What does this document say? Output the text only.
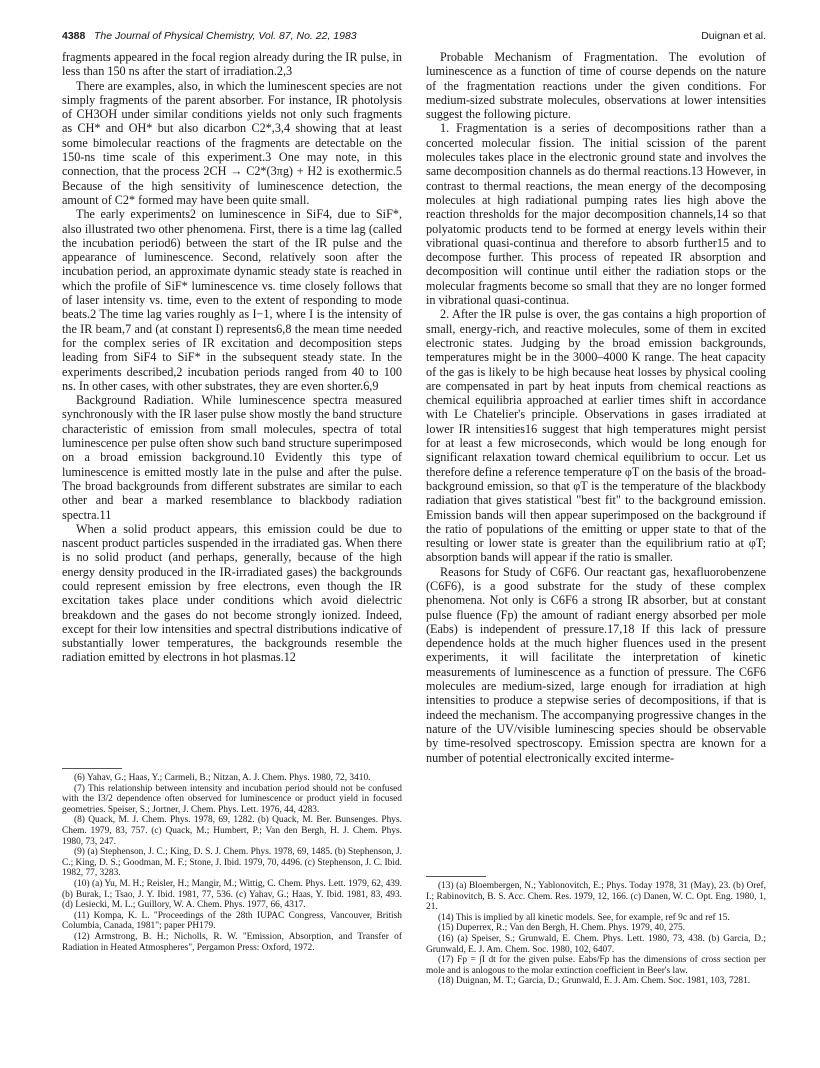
4388 The Journal of Physical Chemistry, Vol. 87, No. 22, 1983	Duignan et al.

fragments appeared in the focal region already during the IR pulse, in less than 150 ns after the start of irradiation.2,3

There are examples, also, in which the luminescent species are not simply fragments of the parent absorber. For instance, IR photolysis of CH3OH under similar conditions yields not only such fragments as CH* and OH* but also dicarbon C2*,3,4 showing that at least some bimolecular reactions of the fragments are detectable on the 150-ns time scale of this experiment.3 One may note, in this connection, that the process 2CH → C2*(3πg) + H2 is exothermic.5 Because of the high sensitivity of luminescence detection, the amount of C2* formed may have been quite small.

The early experiments2 on luminescence in SiF4, due to SiF*, also illustrated two other phenomena. First, there is a time lag (called the incubation period6) between the start of the IR pulse and the appearance of luminescence. Second, relatively soon after the incubation period, an approximate dynamic steady state is reached in which the profile of SiF* luminescence vs. time closely follows that of laser intensity vs. time, even to the extent of responding to mode beats.2 The time lag varies roughly as I−1, where I is the intensity of the IR beam,7 and (at constant I) represents6,8 the mean time needed for the complex series of IR excitation and decomposition steps leading from SiF4 to SiF* in the subsequent steady state. In the experiments described,2 incubation periods ranged from 40 to 100 ns. In other cases, with other substrates, they are even shorter.6,9

Background Radiation. While luminescence spectra measured synchronously with the IR laser pulse show mostly the band structure characteristic of emission from small molecules, spectra of total luminescence per pulse often show such band structure superimposed on a broad emission background.10 Evidently this type of luminescence is emitted mostly late in the pulse and after the pulse. The broad backgrounds from different substrates are similar to each other and bear a marked resemblance to blackbody radiation spectra.11

When a solid product appears, this emission could be due to nascent product particles suspended in the irradiated gas. When there is no solid product (and perhaps, generally, because of the high energy density produced in the IR-irradiated gases) the backgrounds could represent emission by free electrons, even though the IR excitation takes place under conditions which avoid dielectric breakdown and the gases do not become strongly ionized. Indeed, except for their low intensities and spectral distributions indicative of substantially lower temperatures, the backgrounds resemble the radiation emitted by electrons in hot plasmas.12

Probable Mechanism of Fragmentation. The evolution of luminescence as a function of time of course depends on the nature of the fragmentation reactions under the given conditions. For medium-sized substrate molecules, observations at lower intensities suggest the following picture.

1. Fragmentation is a series of decompositions rather than a concerted molecular fission. The initial scission of the parent molecules takes place in the electronic ground state and involves the same decomposition channels as do thermal reactions.13 However, in contrast to thermal reactions, the mean energy of the decomposing molecules at high radiational pumping rates lies high above the reaction thresholds for the major decomposition channels,14 so that polyatomic products tend to be formed at energy levels within their vibrational quasi-continua and therefore to absorb further15 and to decompose further. This process of repeated IR absorption and decomposition will continue until either the radiation stops or the molecular fragments become so small that they are no longer formed in vibrational quasi-continua.

2. After the IR pulse is over, the gas contains a high proportion of small, energy-rich, and reactive molecules, some of them in excited electronic states. Judging by the broad emission backgrounds, temperatures might be in the 3000–4000 K range. The heat capacity of the gas is likely to be high because heat losses by physical cooling are compensated in part by heat inputs from chemical reactions as chemical equilibria approached at earlier times shift in accordance with Le Chatelier's principle. Observations in gases irradiated at lower IR intensities16 suggest that high temperatures might persist for at least a few microseconds, which would be long enough for significant relaxation toward chemical equilibrium to occur. Let us therefore define a reference temperature φT on the basis of the broad-background emission, so that φT is the temperature of the blackbody radiation that gives statistical "best fit" to the background emission. Emission bands will then appear superimposed on the background if the ratio of populations of the emitting or upper state to that of the resulting or lower state is greater than the equilibrium ratio at φT; absorption bands will appear if the ratio is smaller.

Reasons for Study of C6F6. Our reactant gas, hexafluorobenzene (C6F6), is a good substrate for the study of these complex phenomena. Not only is C6F6 a strong IR absorber, but at constant pulse fluence (Fp) the amount of radiant energy absorbed per mole (Eabs) is independent of pressure.17,18 If this lack of pressure dependence holds at the much higher fluences used in the present experiments, it will facilitate the interpretation of kinetic measurements of luminescence as a function of pressure. The C6F6 molecules are medium-sized, large enough for irradiation at high intensities to produce a stepwise series of decompositions, if that is indeed the mechanism. The accompanying progressive changes in the nature of the UV/visible luminescing species should be observable by time-resolved spectroscopy. Emission spectra are known for a number of potential electronically excited interme-

(6) Yahav, G.; Haas, Y.; Carmeli, B.; Nitzan, A. J. Chem. Phys. 1980, 72, 3410.

(7) This relationship between intensity and incubation period should not be confused with the I3/2 dependence often observed for luminescence or product yield in focused geometries. Speiser, S.; Jortner, J. Chem. Phys. Lett. 1976, 44, 4283.

(8) Quack, M. J. Chem. Phys. 1978, 69, 1282. (b) Quack, M. Ber. Bunsenges. Phys. Chem. 1979, 83, 757. (c) Quack, M.; Humbert, P.; Van den Bergh, H. J. Chem. Phys. 1980, 73, 247.

(9) (a) Stephenson, J. C.; King, D. S. J. Chem. Phys. 1978, 69, 1485. (b) Stephenson, J. C.; King, D. S.; Goodman, M. F.; Stone, J. Ibid. 1979, 70, 4496. (c) Stephenson, J. C. Ibid. 1982, 77, 3283.

(10) (a) Yu, M. H.; Reisler, H.; Mangir, M.; Wittig, C. Chem. Phys. Lett. 1979, 62, 439. (b) Burak, I.; Tsao, J. Y. Ibid. 1981, 77, 536. (c) Yahav, G.; Haas, Y. Ibid. 1981, 83, 493. (d) Lesiecki, M. L.; Guillory, W. A. Chem. Phys. 1977, 66, 4317.

(11) Kompa, K. L. "Proceedings of the 28th IUPAC Congress, Vancouver, British Columbia, Canada, 1981"; paper PH179.

(12) Armstrong, B. H.; Nicholls, R. W. "Emission, Absorption, and Transfer of Radiation in Heated Atmospheres", Pergamon Press: Oxford, 1972.

(13) (a) Bloembergen, N.; Yablonovitch, E.; Phys. Today 1978, 31 (May), 23. (b) Oref, I.; Rabinovitch, B. S. Acc. Chem. Res. 1979, 12, 166. (c) Danen, W. C. Opt. Eng. 1980, 1, 21.

(14) This is implied by all kinetic models. See, for example, ref 9c and ref 15.

(15) Duperrex, R.; Van den Bergh, H. Chem. Phys. 1979, 40, 275.

(16) (a) Speiser, S.; Grunwald, E. Chem. Phys. Lett. 1980, 73, 438. (b) Garcia, D.; Grunwald, E. J. Am. Chem. Soc. 1980, 102, 6407.

(17) Fp = ∫I dt for the given pulse. Eabs/Fp has the dimensions of cross section per mole and is anlogous to the molar extinction coefficient in Beer's law.

(18) Duignan, M. T.; Garcia, D.; Grunwald, E. J. Am. Chem. Soc. 1981, 103, 7281.
